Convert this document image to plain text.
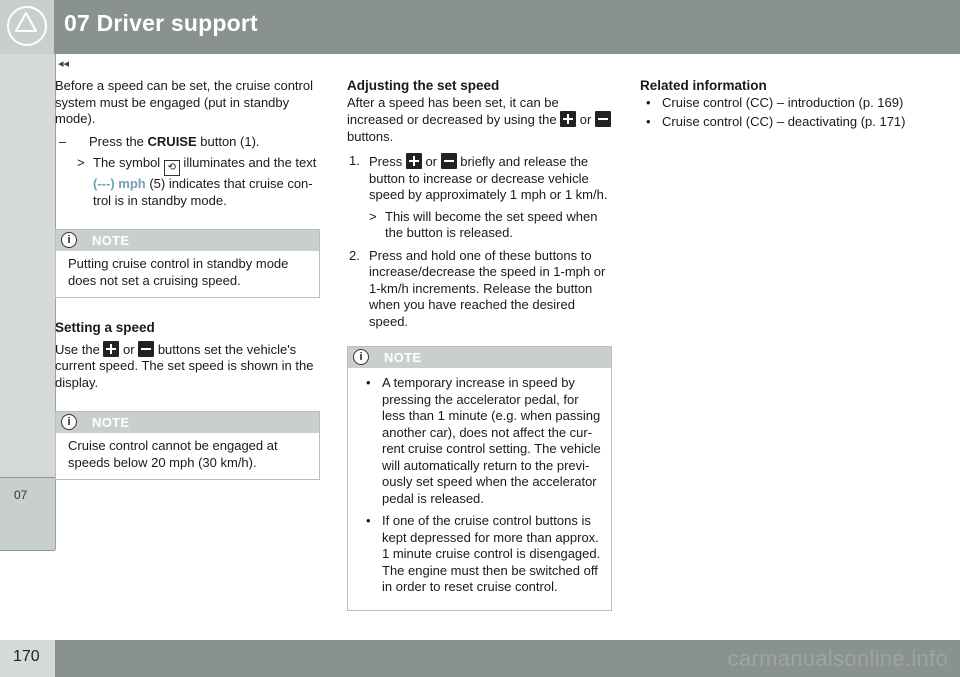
07 Driver support
07
◂◂

Before a speed can be set, the cruise control system must be engaged (put in standby mode).

– Press the CRUISE button (1).
> The symbol ⟲ illuminates and the text (---) mph (5) indicates that cruise con-trol is in standby mode.
i	NOTE

Putting cruise control in standby mode does not set a cruising speed.

Setting a speed

Use the  or  buttons set the vehicle's current speed. The set speed is shown in the display.

i	NOTE

Cruise control cannot be engaged at speeds below 20 mph (30 km/h).

Adjusting the set speed

After a speed has been set, it can be increased or decreased by using the  or  buttons.

1. Press  or  briefly and release the button to increase or decrease vehicle speed by approximately 1 mph or 1 km/h.
> This will become the set speed when the button is released.
2. Press and hold one of these buttons to increase/decrease the speed in 1-mph or 1-km/h increments. Release the button when you have reached the desired speed.
i	NOTE
• A temporary increase in speed by pressing the accelerator pedal, for less than 1 minute (e.g. when passing another car), does not affect the cur-rent cruise control setting. The vehicle will automatically return to the previ-ously set speed when the accelerator pedal is released.
• If one of the cruise control buttons is kept depressed for more than approx. 1 minute cruise control is disengaged. The engine must then be switched off in order to reset cruise control.

Related information

• Cruise control (CC) – introduction (p. 169)
• Cruise control (CC) – deactivating (p. 171)
170	carmanualsonline.info
